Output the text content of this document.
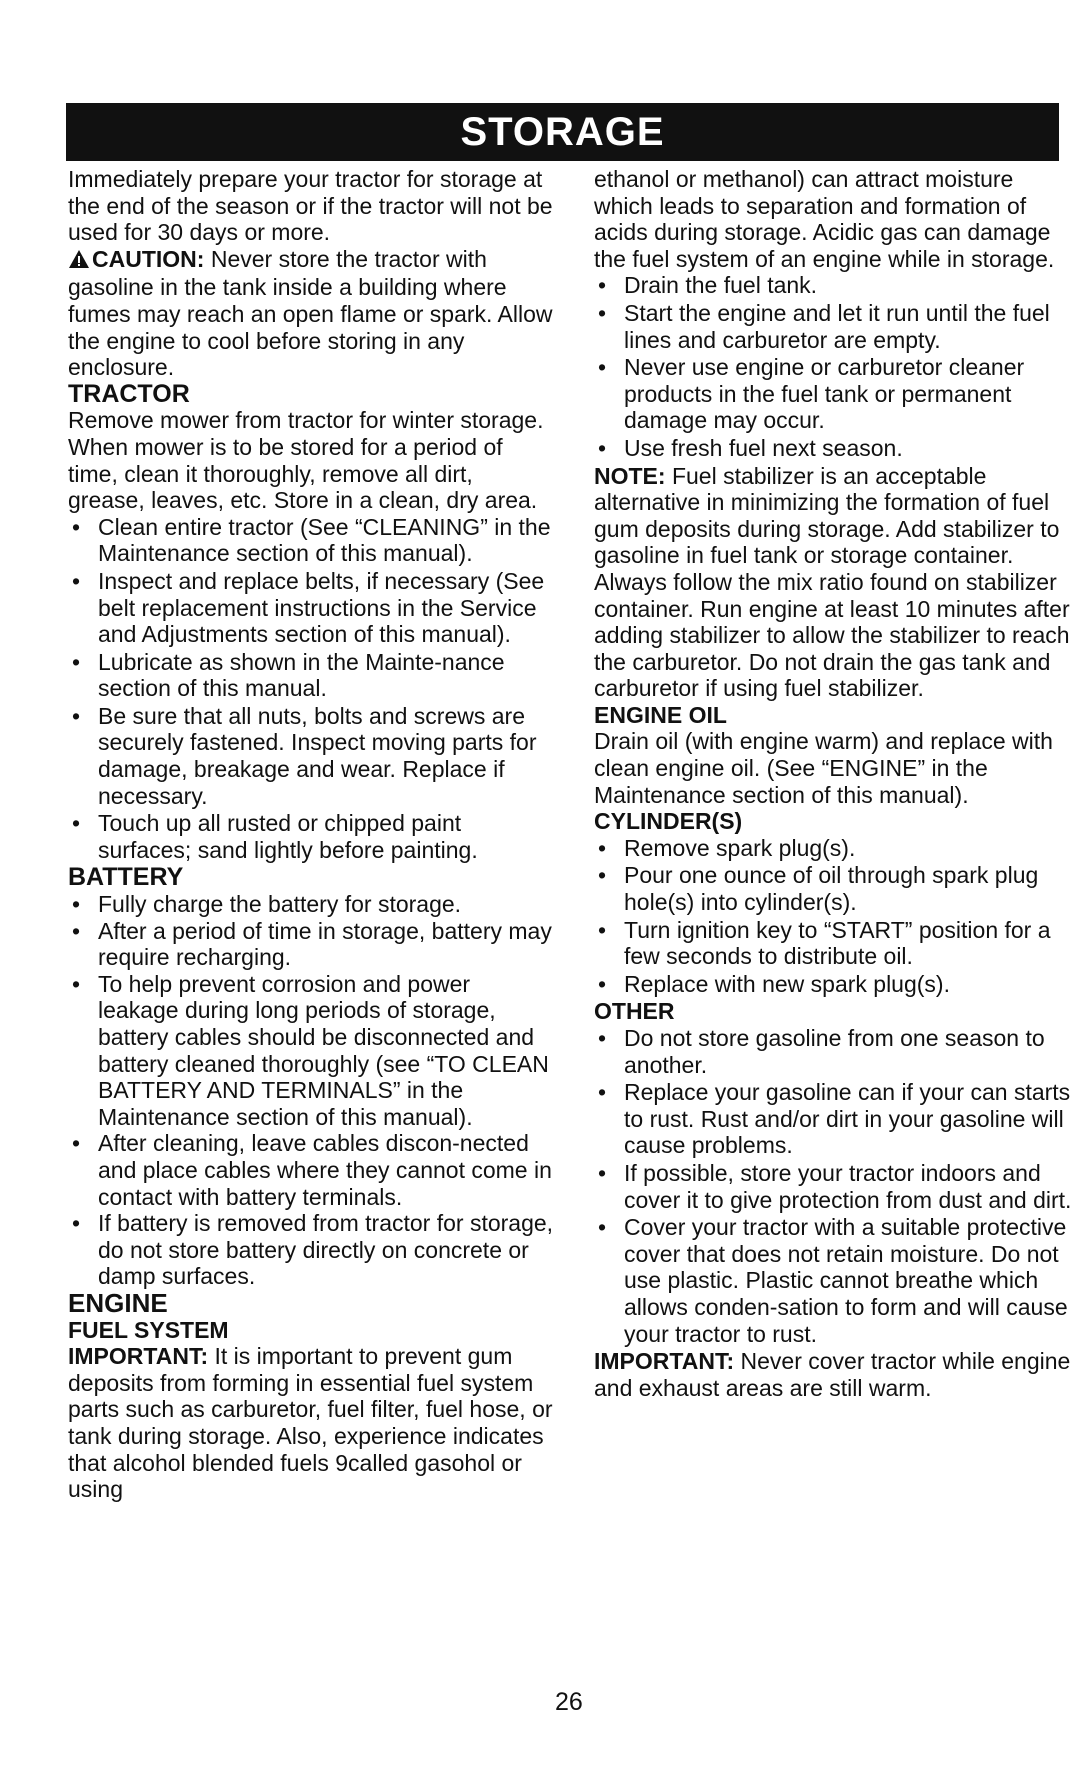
STORAGE

Immediately prepare your tractor for storage at the end of the season or if the tractor will not be used for 30 days or more.

CAUTION: Never store the tractor with gasoline in the tank inside a building where fumes may reach an open flame or spark. Allow the engine to cool before storing in any enclosure.

TRACTOR

Remove mower from tractor for winter storage. When mower is to be stored for a period of time, clean it thoroughly, remove all dirt, grease, leaves, etc. Store in a clean, dry area.

• Clean entire tractor (See “CLEANING” in the Maintenance section of this manual).
• Inspect and replace belts, if necessary (See belt replacement instructions in the Service and Adjustments section of this manual).
• Lubricate as shown in the Mainte-nance section of this manual.
• Be sure that all nuts, bolts and screws are securely fastened. Inspect moving parts for damage, breakage and wear. Replace if necessary.
• Touch up all rusted or chipped paint surfaces; sand lightly before painting.

BATTERY

• Fully charge the battery for storage.
• After a period of time in storage, battery may require recharging.
• To help prevent corrosion and power leakage during long periods of storage, battery cables should be disconnected and battery cleaned thoroughly (see “TO CLEAN BATTERY AND TERMINALS” in the Maintenance section of this manual).
• After cleaning, leave cables discon-nected and place cables where they cannot come in contact with battery terminals.
• If battery is removed from tractor for storage, do not store battery directly on concrete or damp surfaces.

ENGINE

FUEL SYSTEM

IMPORTANT: It is important to prevent gum deposits from forming in essential fuel system parts such as carburetor, fuel filter, fuel hose, or tank during storage. Also, experience indicates that alcohol blended fuels 9called gasohol or using

ethanol or methanol) can attract moisture which leads to separation and formation of acids during storage. Acidic gas can damage the fuel system of an engine while in storage.

• Drain the fuel tank.
• Start the engine and let it run until the fuel lines and carburetor are empty.
• Never use engine or carburetor cleaner products in the fuel tank or permanent damage may occur.
• Use fresh fuel next season.

NOTE: Fuel stabilizer is an acceptable alternative in minimizing the formation of fuel gum deposits during storage. Add stabilizer to gasoline in fuel tank or storage container. Always follow the mix ratio found on stabilizer container. Run engine at least 10 minutes after adding stabilizer to allow the stabilizer to reach the carburetor. Do not drain the gas tank and carburetor if using fuel stabilizer.

ENGINE OIL

Drain oil (with engine warm) and replace with clean engine oil. (See “ENGINE” in the Maintenance section of this manual).

CYLINDER(S)

• Remove spark plug(s).
• Pour one ounce of oil through spark plug hole(s) into cylinder(s).
• Turn ignition key to “START” position for a few seconds to distribute oil.
• Replace with new spark plug(s).

OTHER

• Do not store gasoline from one season to another.
• Replace your gasoline can if your can starts to rust. Rust and/or dirt in your gasoline will cause problems.
• If possible, store your tractor indoors and cover it to give protection from dust and dirt.
• Cover your tractor with a suitable protective cover that does not retain moisture. Do not use plastic. Plastic cannot breathe which allows conden-sation to form and will cause your tractor to rust.

IMPORTANT: Never cover tractor while engine and exhaust areas are still warm.

26
